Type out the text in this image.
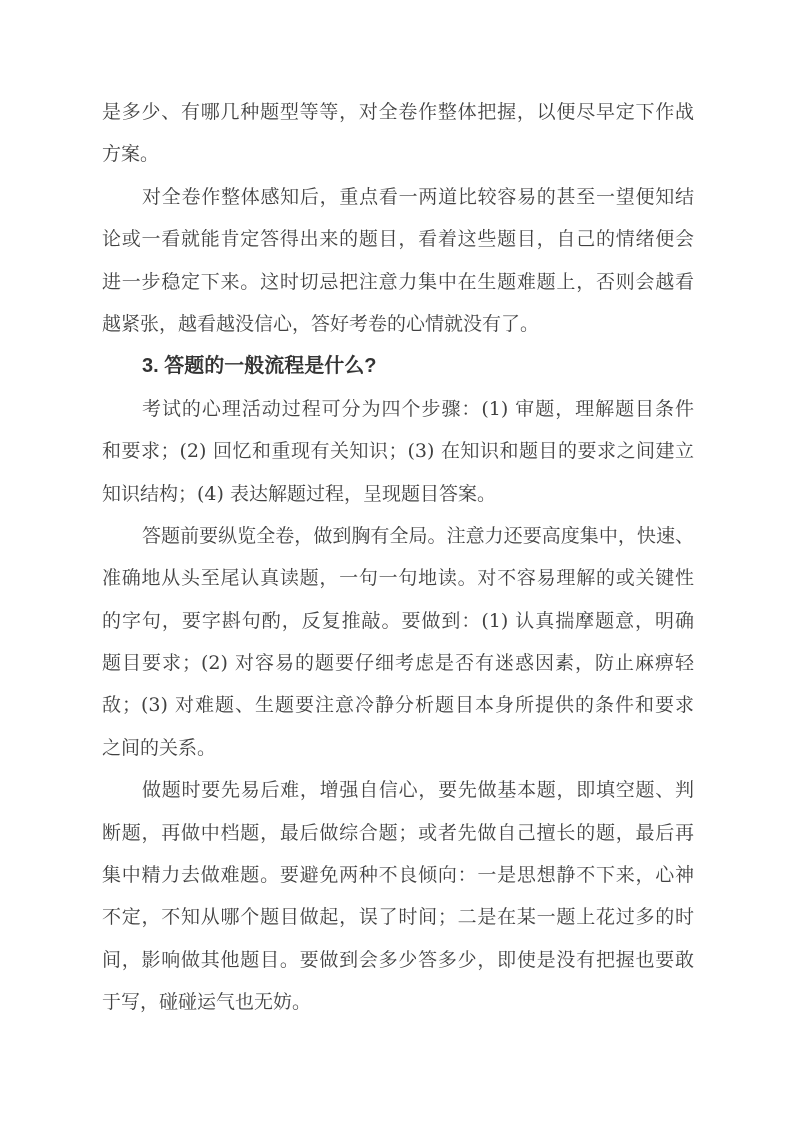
是多少、有哪几种题型等等，对全卷作整体把握，以便尽早定下作战
方案。
对全卷作整体感知后，重点看一两道比较容易的甚至一望便知结
论或一看就能肯定答得出来的题目，看着这些题目，自己的情绪便会
进一步稳定下来。这时切忌把注意力集中在生题难题上，否则会越看
越紧张，越看越没信心，答好考卷的心情就没有了。
3. 答题的一般流程是什么?
考试的心理活动过程可分为四个步骤：(1) 审题，理解题目条件
和要求；(2) 回忆和重现有关知识；(3) 在知识和题目的要求之间建立
知识结构；(4) 表达解题过程，呈现题目答案。
答题前要纵览全卷，做到胸有全局。注意力还要高度集中，快速、
准确地从头至尾认真读题，一句一句地读。对不容易理解的或关键性
的字句，要字斟句酌，反复推敲。要做到：(1) 认真揣摩题意，明确
题目要求；(2) 对容易的题要仔细考虑是否有迷惑因素，防止麻痹轻
敌；(3) 对难题、生题要注意冷静分析题目本身所提供的条件和要求
之间的关系。
做题时要先易后难，增强自信心，要先做基本题，即填空题、判
断题，再做中档题，最后做综合题；或者先做自己擅长的题，最后再
集中精力去做难题。要避免两种不良倾向：一是思想静不下来，心神
不定，不知从哪个题目做起，误了时间；二是在某一题上花过多的时
间，影响做其他题目。要做到会多少答多少，即使是没有把握也要敢
于写，碰碰运气也无妨。
